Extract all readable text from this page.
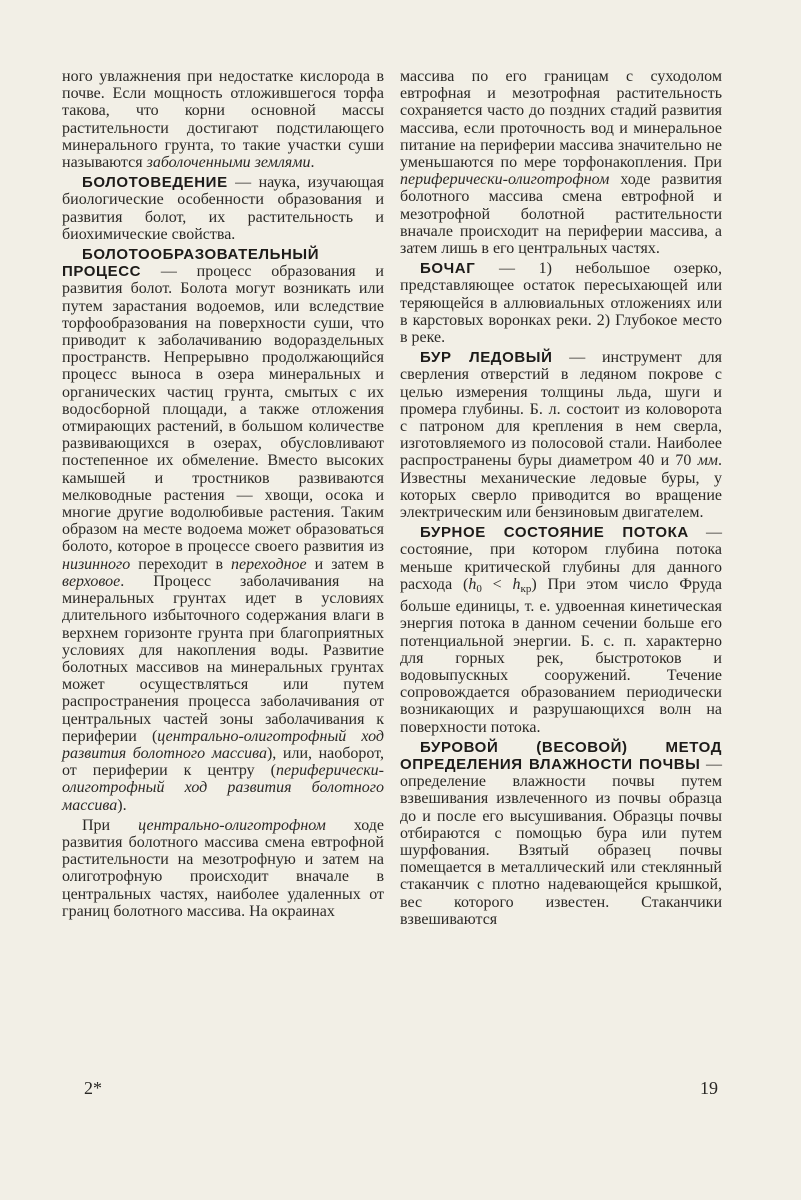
ного увлажнения при недостатке кислорода в почве. Если мощность отложившегося торфа такова, что корни основной массы растительности достигают подстилающего минерального грунта, то такие участки суши называются заболоченными землями.

БОЛОТОВЕДЕНИЕ — наука, изучающая биологические особенности образования и развития болот, их растительность и биохимические свойства.

БОЛОТООБРАЗОВАТЕЛЬНЫЙ ПРОЦЕСС — процесс образования и развития болот. Болота могут возникать или путем зарастания водоемов, или вследствие торфообразования на поверхности суши, что приводит к заболачиванию водораздельных пространств. Непрерывно продолжающийся процесс выноса в озера минеральных и органических частиц грунта, смытых с их водосборной площади, а также отложения отмирающих растений, в большом количестве развивающихся в озерах, обусловливают постепенное их обмеление. Вместо высоких камышей и тростников развиваются мелководные растения — хвощи, осока и многие другие водолюбивые растения. Таким образом на месте водоема может образоваться болото, которое в процессе своего развития из низинного переходит в переходное и затем в верховое. Процесс заболачивания на минеральных грунтах идет в условиях длительного избыточного содержания влаги в верхнем горизонте грунта при благоприятных условиях для накопления воды. Развитие болотных массивов на минеральных грунтах может осуществляться или путем распространения процесса заболачивания от центральных частей зоны заболачивания к периферии (центрально-олиготрофный ход развития болотного массива), или, наоборот, от периферии к центру (периферически-олиготрофный ход развития болотного массива).

При центрально-олиготрофном ходе развития болотного массива смена евтрофной растительности на мезотрофную и затем на олиготрофную происходит вначале в центральных частях, наиболее удаленных от границ болотного массива. На окраинах

массива по его границам с суходолом евтрофная и мезотрофная растительность сохраняется часто до поздних стадий развития массива, если проточность вод и минеральное питание на периферии массива значительно не уменьшаются по мере торфонакопления. При периферически-олиготрофном ходе развития болотного массива смена евтрофной и мезотрофной болотной растительности вначале происходит на периферии массива, а затем лишь в его центральных частях.

БОЧАГ — 1) небольшое озерко, представляющее остаток пересыхающей или теряющейся в аллювиальных отложениях или в карстовых воронках реки. 2) Глубокое место в реке.

БУР ЛЕДОВЫЙ — инструмент для сверления отверстий в ледяном покрове с целью измерения толщины льда, шуги и промера глубины. Б. л. состоит из коловорота с патроном для крепления в нем сверла, изготовляемого из полосовой стали. Наиболее распространены буры диаметром 40 и 70 мм. Известны механические ледовые буры, у которых сверло приводится во вращение электрическим или бензиновым двигателем.

БУРНОЕ СОСТОЯНИЕ ПОТОКА — состояние, при котором глубина потока меньше критической глубины для данного расхода $(h_0 < h_{кр})$ При этом число Фруда больше единицы, т. е. удвоенная кинетическая энергия потока в данном сечении больше его потенциальной энергии. Б. с. п. характерно для горных рек, быстротоков и водовыпускных сооружений. Течение сопровождается образованием периодически возникающих и разрушающихся волн на поверхности потока.

БУРОВОЙ (ВЕСОВОЙ) МЕТОД ОПРЕДЕЛЕНИЯ ВЛАЖНОСТИ ПОЧВЫ — определение влажности почвы путем взвешивания извлеченного из почвы образца до и после его высушивания. Образцы почвы отбираются с помощью бура или путем шурфования. Взятый образец почвы помещается в металлический или стеклянный стаканчик с плотно надевающейся крышкой, вес которого известен. Стаканчики взвешиваются

2*	19
